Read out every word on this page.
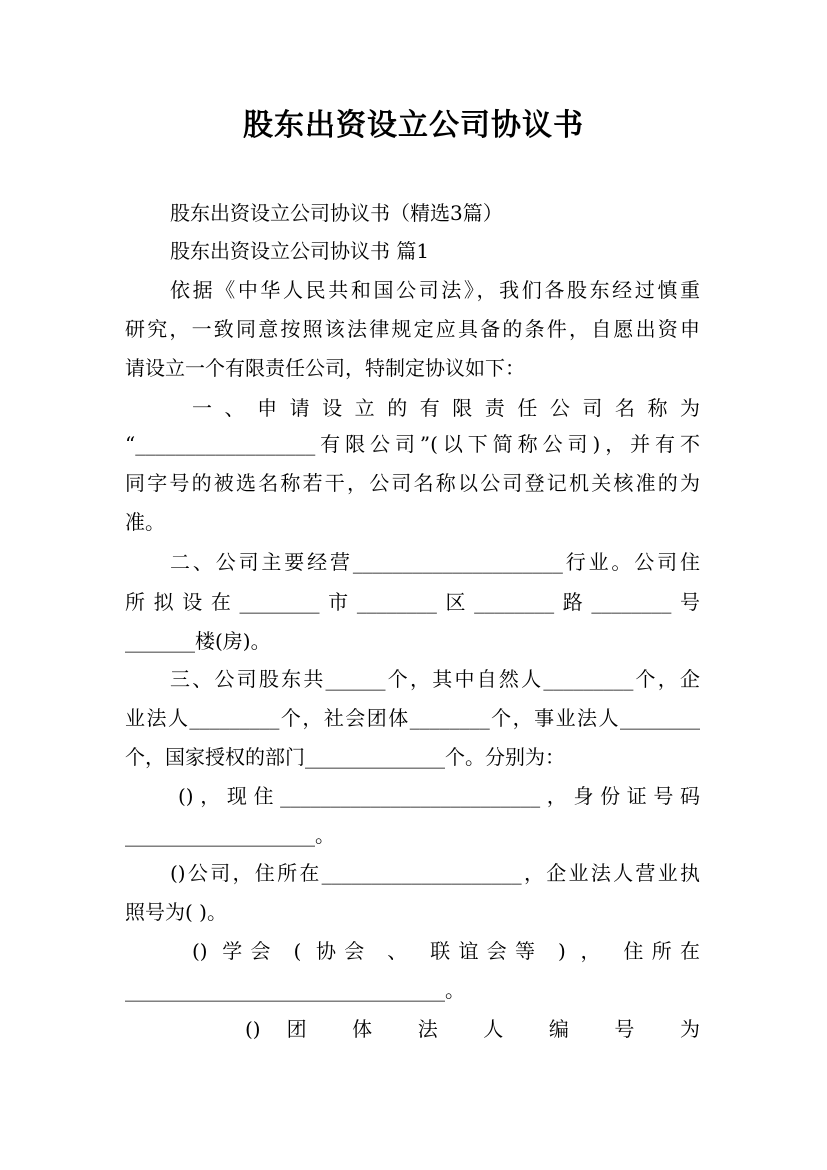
股东出资设立公司协议书
股东出资设立公司协议书（精选3篇）
股东出资设立公司协议书 篇1
依据《中华人民共和国公司法》，我们各股东经过慎重
研究，一致同意按照该法律规定应具备的条件，自愿出资申
请设立一个有限责任公司，特制定协议如下：
一、申请设立的有限责任公司名称为
“__________________有限公司”(以下简称公司)，并有不
同字号的被选名称若干，公司名称以公司登记机关核准的为
准。
二、公司主要经营_____________________行业。公司住
所拟设在________市________区________路________号
_______楼(房)。
三、公司股东共______个，其中自然人_________个，企
业法人_________个，社会团体________个，事业法人________
个，国家授权的部门______________个。分别为：
()，现住__________________________，身份证号码
___________________。
()公司，住所在____________________，企业法人营业执
照号为( )。
() 学会 ( 协会 、 联谊会等 ) ， 住所在
________________________________。
() 团 体 法 人 编 号 为
